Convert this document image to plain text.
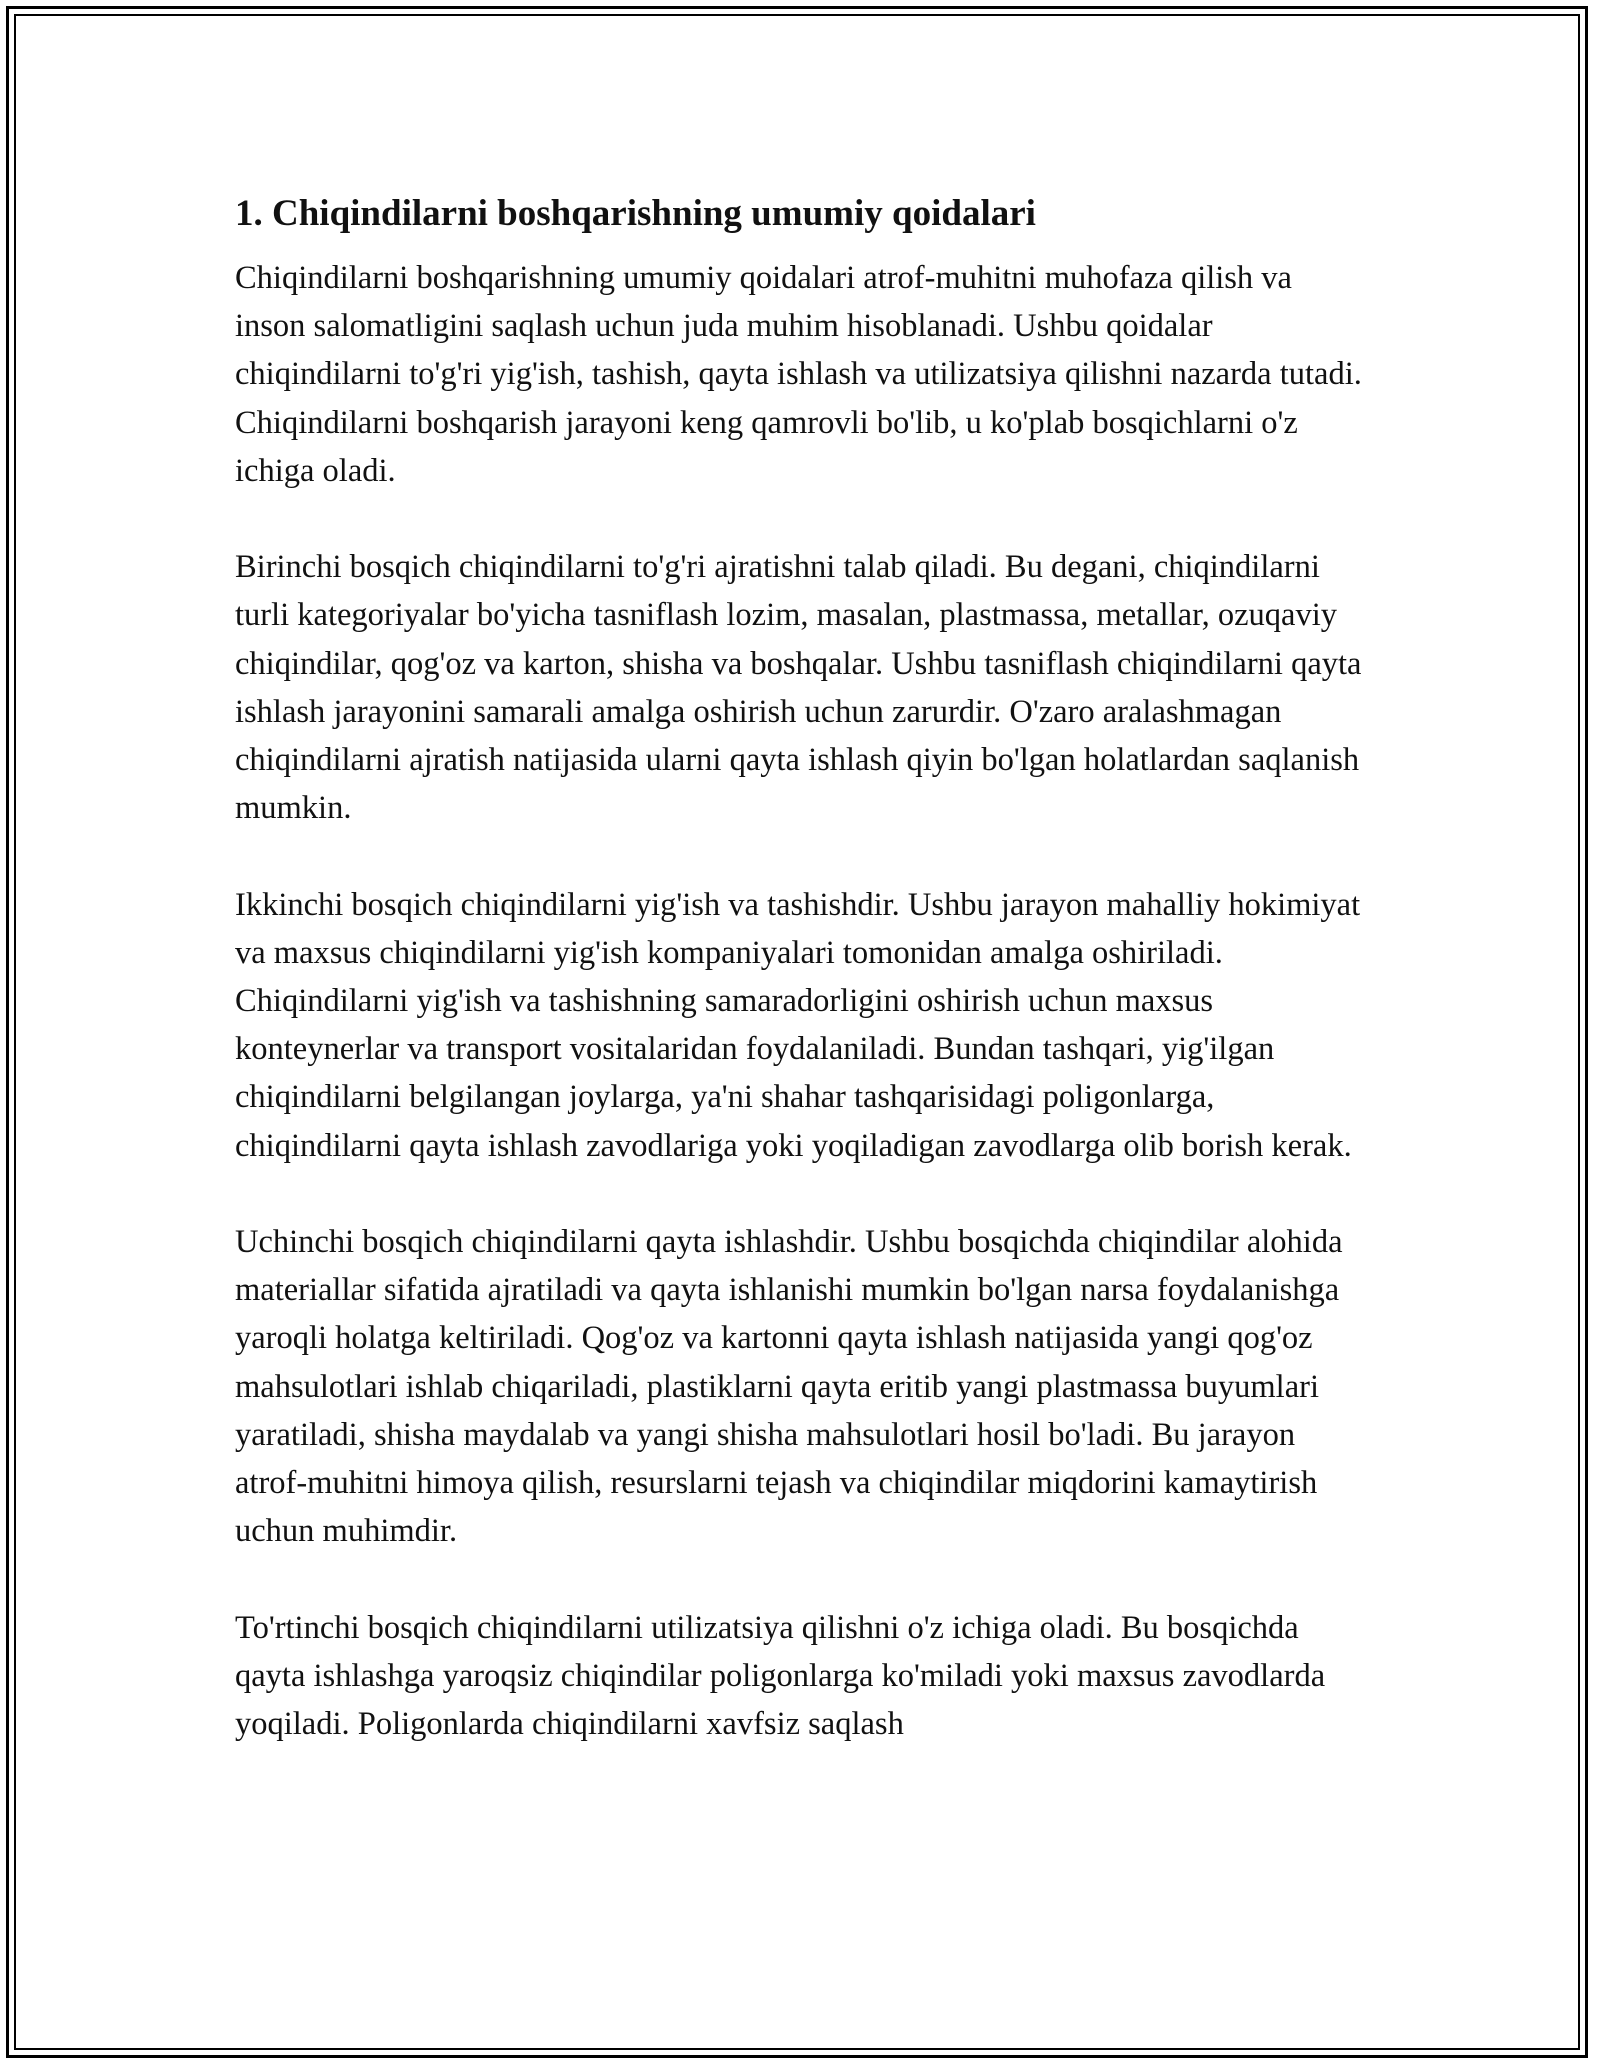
1. Chiqindilarni boshqarishning umumiy qoidalari

Chiqindilarni boshqarishning umumiy qoidalari atrof-muhitni muhofaza qilish va inson salomatligini saqlash uchun juda muhim hisoblanadi. Ushbu qoidalar chiqindilarni to'g'ri yig'ish, tashish, qayta ishlash va utilizatsiya qilishni nazarda tutadi. Chiqindilarni boshqarish jarayoni keng qamrovli bo'lib, u ko'plab bosqichlarni o'z ichiga oladi.

Birinchi bosqich chiqindilarni to'g'ri ajratishni talab qiladi. Bu degani, chiqindilarni turli kategoriyalar bo'yicha tasniflash lozim, masalan, plastmassa, metallar, ozuqaviy chiqindilar, qog'oz va karton, shisha va boshqalar. Ushbu tasniflash chiqindilarni qayta ishlash jarayonini samarali amalga oshirish uchun zarurdir. O'zaro aralashmagan chiqindilarni ajratish natijasida ularni qayta ishlash qiyin bo'lgan holatlardan saqlanish mumkin.

Ikkinchi bosqich chiqindilarni yig'ish va tashishdir. Ushbu jarayon mahalliy hokimiyat va maxsus chiqindilarni yig'ish kompaniyalari tomonidan amalga oshiriladi. Chiqindilarni yig'ish va tashishning samaradorligini oshirish uchun maxsus konteynerlar va transport vositalaridan foydalaniladi. Bundan tashqari, yig'ilgan chiqindilarni belgilangan joylarga, ya'ni shahar tashqarisidagi poligonlarga, chiqindilarni qayta ishlash zavodlariga yoki yoqiladigan zavodlarga olib borish kerak.

Uchinchi bosqich chiqindilarni qayta ishlashdir. Ushbu bosqichda chiqindilar alohida materiallar sifatida ajratiladi va qayta ishlanishi mumkin bo'lgan narsa foydalanishga yaroqli holatga keltiriladi. Qog'oz va kartonni qayta ishlash natijasida yangi qog'oz mahsulotlari ishlab chiqariladi, plastiklarni qayta eritib yangi plastmassa buyumlari yaratiladi, shisha maydalab va yangi shisha mahsulotlari hosil bo'ladi. Bu jarayon atrof-muhitni himoya qilish, resurslarni tejash va chiqindilar miqdorini kamaytirish uchun muhimdir.

To'rtinchi bosqich chiqindilarni utilizatsiya qilishni o'z ichiga oladi. Bu bosqichda qayta ishlashga yaroqsiz chiqindilar poligonlarga ko'miladi yoki maxsus zavodlarda yoqiladi. Poligonlarda chiqindilarni xavfsiz saqlash
